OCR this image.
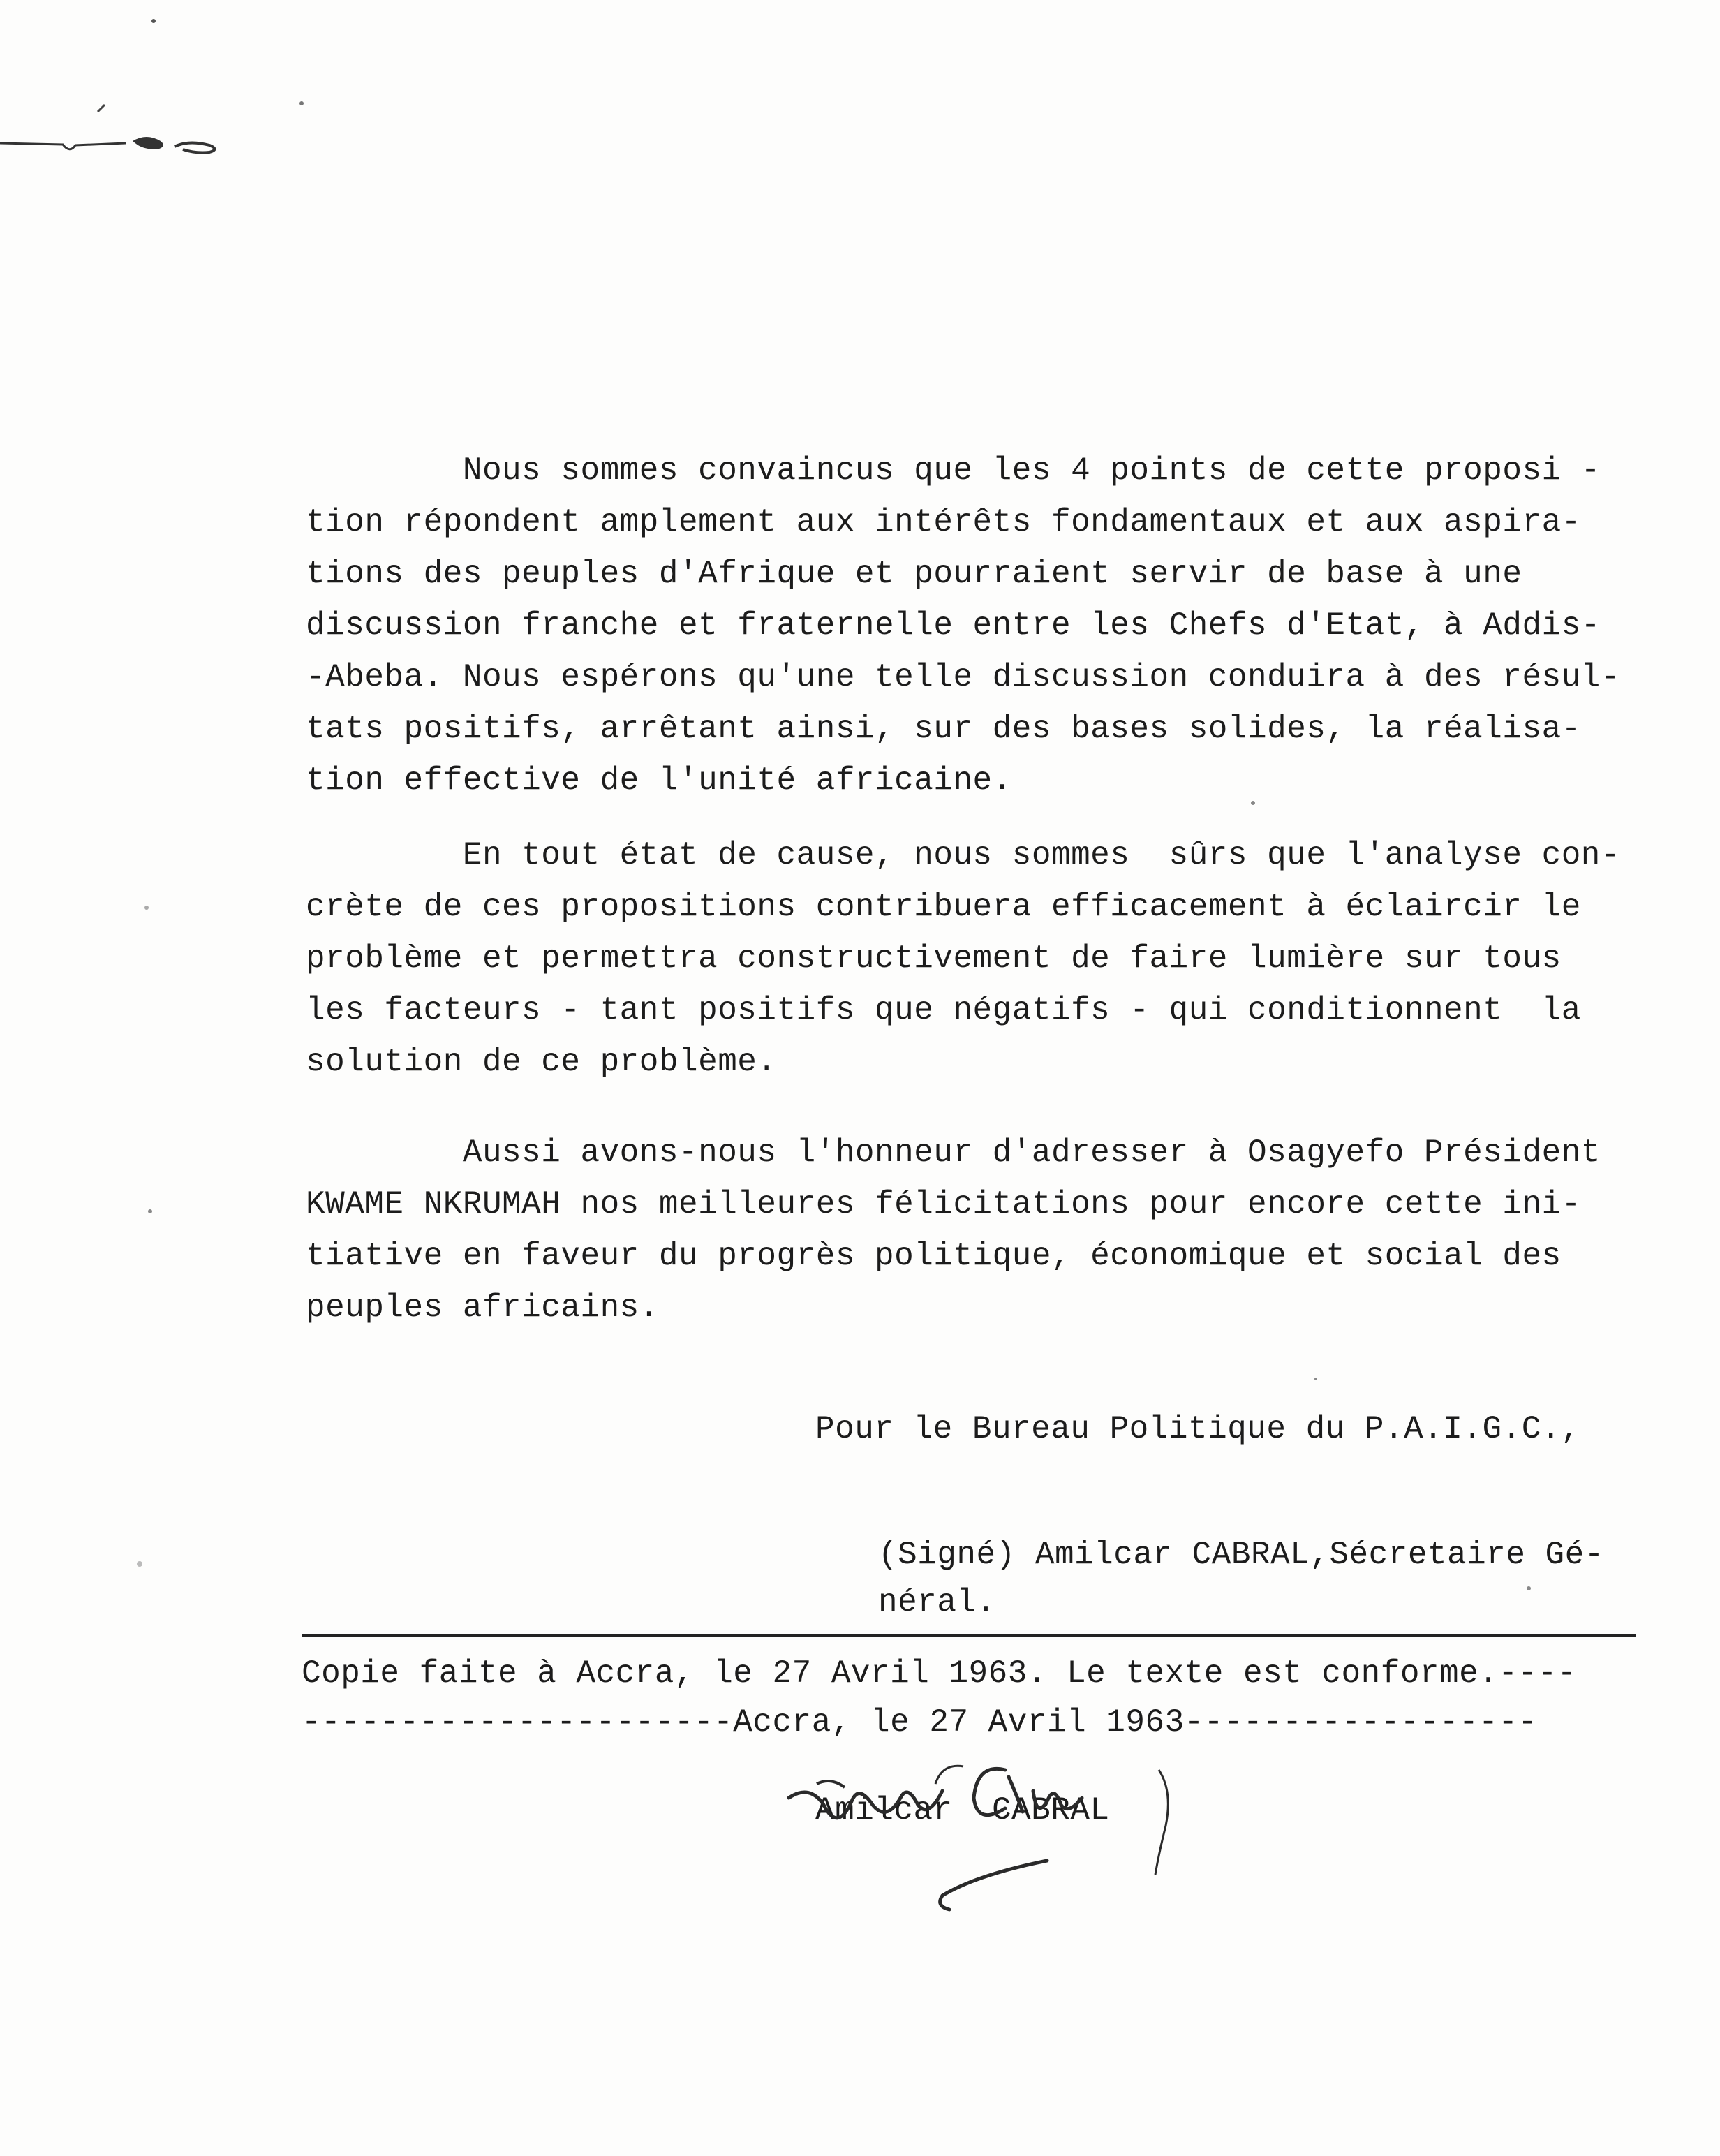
Nous sommes convaincus que les 4 points de cette proposi -
tion répondent amplement aux intérêts fondamentaux et aux aspira-
tions des peuples d'Afrique et pourraient servir de base à une
discussion franche et fraternelle entre les Chefs d'Etat, à Addis-
-Abeba. Nous espérons qu'une telle discussion conduira à des résul-
tats positifs, arrêtant ainsi, sur des bases solides, la réalisa-
tion effective de l'unité africaine.
En tout état de cause, nous sommes  sûrs que l'analyse con-
crète de ces propositions contribuera efficacement à éclaircir le
problème et permettra constructivement de faire lumière sur tous
les facteurs - tant positifs que négatifs - qui conditionnent  la
solution de ce problème.
Aussi avons-nous l'honneur d'adresser à Osagyefo Président
KWAME NKRUMAH nos meilleures félicitations pour encore cette ini-
tiative en faveur du progrès politique, économique et social des
peuples africains.
Pour le Bureau Politique du P.A.I.G.C.,
(Signé) Amilcar CABRAL,Sécretaire Gé-
néral.
Copie faite à Accra, le 27 Avril 1963. Le texte est conforme.----
----------------------Accra, le 27 Avril 1963------------------
Amilcar  CABRAL
